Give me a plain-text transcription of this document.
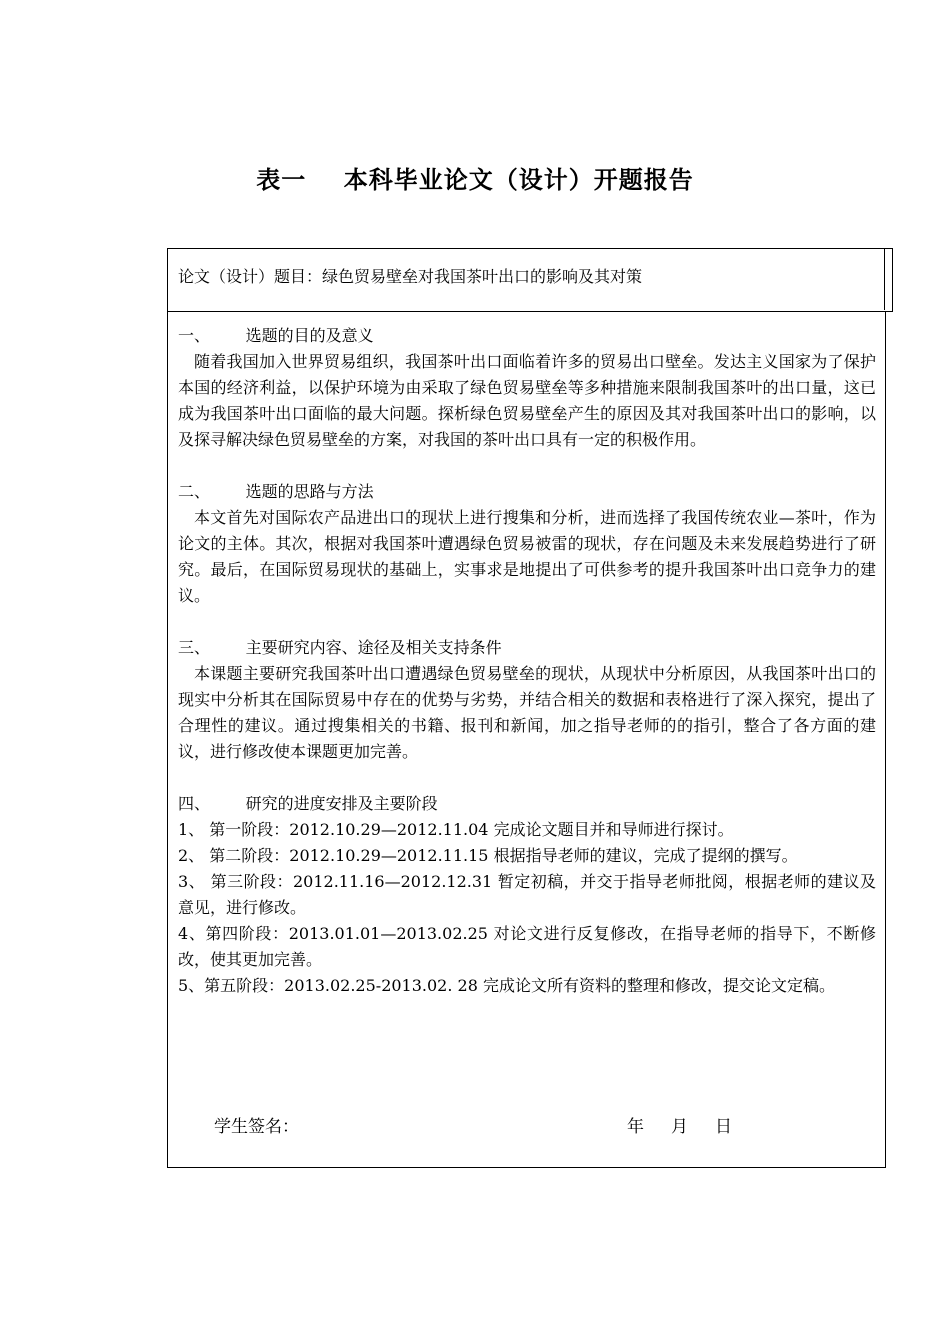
表一    本科毕业论文（设计）开题报告
论文（设计）题目：绿色贸易壁垒对我国茶叶出口的影响及其对策
一、       选题的目的及意义
随着我国加入世界贸易组织，我国茶叶出口面临着许多的贸易出口壁垒。发达主义国家为了保护本国的经济利益，以保护环境为由采取了绿色贸易壁垒等多种措施来限制我国茶叶的出口量，这已成为我国茶叶出口面临的最大问题。探析绿色贸易壁垒产生的原因及其对我国茶叶出口的影响，以及探寻解决绿色贸易壁垒的方案，对我国的茶叶出口具有一定的积极作用。
二、       选题的思路与方法
本文首先对国际农产品进出口的现状上进行搜集和分析，进而选择了我国传统农业—茶叶，作为论文的主体。其次，根据对我国茶叶遭遇绿色贸易被雷的现状，存在问题及未来发展趋势进行了研究。最后，在国际贸易现状的基础上，实事求是地提出了可供参考的提升我国茶叶出口竞争力的建议。
三、       主要研究内容、途径及相关支持条件
本课题主要研究我国茶叶出口遭遇绿色贸易壁垒的现状，从现状中分析原因，从我国茶叶出口的现实中分析其在国际贸易中存在的优势与劣势，并结合相关的数据和表格进行了深入探究，提出了合理性的建议。通过搜集相关的书籍、报刊和新闻，加之指导老师的的指引，整合了各方面的建议，进行修改使本课题更加完善。
四、       研究的进度安排及主要阶段
1、 第一阶段：2012.10.29—2012.11.04 完成论文题目并和导师进行探讨。
2、 第二阶段：2012.10.29—2012.11.15 根据指导老师的建议，完成了提纲的撰写。
3、 第三阶段：2012.11.16—2012.12.31 暂定初稿，并交于指导老师批阅，根据老师的建议及意见，进行修改。
4、第四阶段：2013.01.01—2013.02.25 对论文进行反复修改，在指导老师的指导下，不断修改，使其更加完善。
5、第五阶段：2013.02.25-2013.02. 28 完成论文所有资料的整理和修改，提交论文定稿。
学生签名：	年     月     日
